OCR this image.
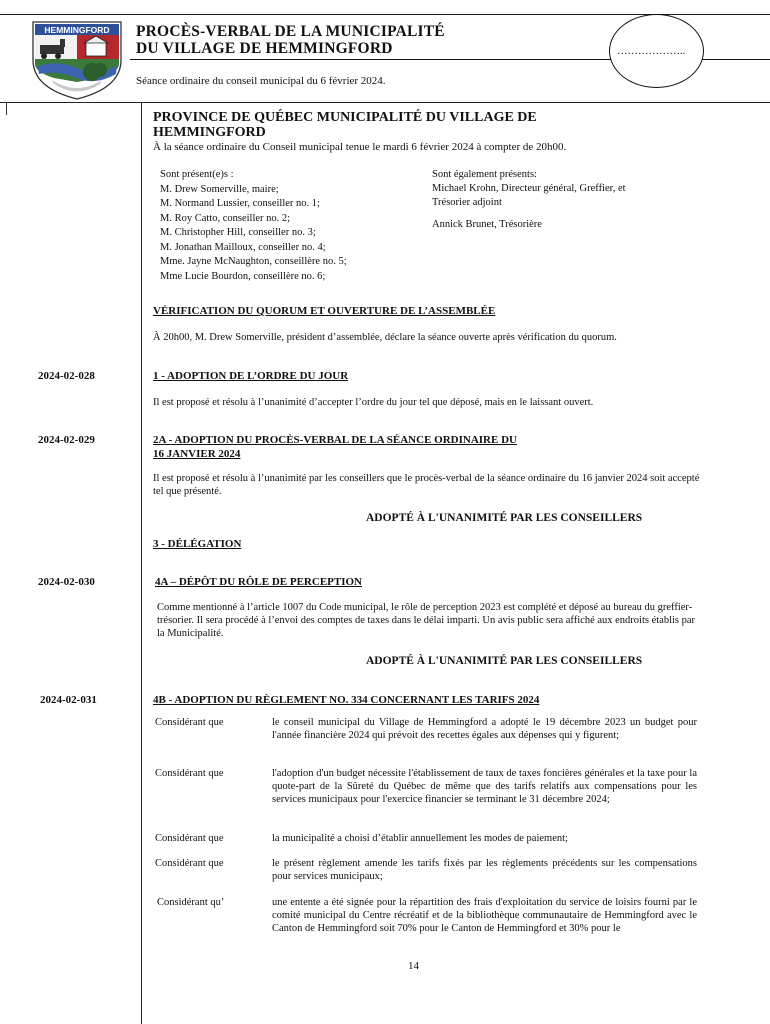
HEMMINGFORD PROCÈS-VERBAL DE LA MUNICIPALITÉ
DU VILLAGE DE HEMMINGFORD
Séance ordinaire du conseil municipal du 6 février 2024.
………………..
PROVINCE DE QUÉBEC MUNICIPALITÉ DU VILLAGE DE
HEMMINGFORD
À la séance ordinaire du Conseil municipal tenue le mardi 6 février 2024 à compter de 20h00.
Sont présent(e)s :
M. Drew Somerville, maire;
M. Normand Lussier, conseiller no. 1;
M. Roy Catto, conseiller no. 2;
M. Christopher Hill, conseiller no. 3;
M. Jonathan Mailloux, conseiller no. 4;
Mme. Jayne McNaughton, conseillère no. 5;
Mme Lucie Bourdon, conseillère no. 6;
Sont également présents:
Michael Krohn, Directeur général, Greffier, et
Trésorier adjoint
Annick Brunet, Trésorière
VÉRIFICATION DU QUORUM ET OUVERTURE DE L’ASSEMBLÉE
À 20h00, M. Drew Somerville, président d’assemblée, déclare la séance ouverte après vérification du quorum.
2024-02-028	1 - ADOPTION DE L’ORDRE DU JOUR
Il est proposé et résolu à l’unanimité d’accepter l’ordre du jour tel que déposé, mais en le laissant ouvert.
2024-02-029	2A - ADOPTION DU PROCÈS-VERBAL DE LA SÉANCE ORDINAIRE DU
16 JANVIER 2024
Il est proposé et résolu à l’unanimité par les conseillers que le procès-verbal de la séance ordinaire du 16 janvier 2024 soit accepté tel que présenté.
ADOPTÉ À L'UNANIMITÉ PAR LES CONSEILLERS
3 - DÉLÉGATION
2024-02-030	4A – DÉPÔT DU RÔLE DE PERCEPTION
Comme mentionné à l’article 1007 du Code municipal, le rôle de perception 2023 est complété et déposé au bureau du greffier-trésorier. Il sera procédé à l’envoi des comptes de taxes dans le délai imparti. Un avis public sera affiché aux endroits établis par la Municipalité.
ADOPTÉ À L'UNANIMITÉ PAR LES CONSEILLERS
2024-02-031	4B - ADOPTION DU RÈGLEMENT NO. 334 CONCERNANT LES TARIFS 2024
Considérant que	le conseil municipal du Village de Hemmingford a adopté le 19 décembre 2023 un budget pour l'année financière 2024 qui prévoit des recettes égales aux dépenses qui y figurent;
Considérant que	l'adoption d'un budget nécessite l'établissement de taux de taxes foncières générales et la taxe pour la quote-part de la Sûreté du Québec de même que des tarifs relatifs aux compensations pour les services municipaux pour l'exercice financier se terminant le 31 décembre 2024;
Considérant que	la municipalité a choisi d’établir annuellement les modes de paiement;
Considérant que	le présent règlement amende les tarifs fixés par les règlements précédents sur les compensations pour services municipaux;
Considérant qu’	une entente a été signée pour la répartition des frais d'exploitation du service de loisirs fourni par le comité municipal du Centre récréatif et de la bibliothèque communautaire de Hemmingford avec le Canton de Hemmingford soit 70% pour le Canton de Hemmingford et 30% pour le
14
